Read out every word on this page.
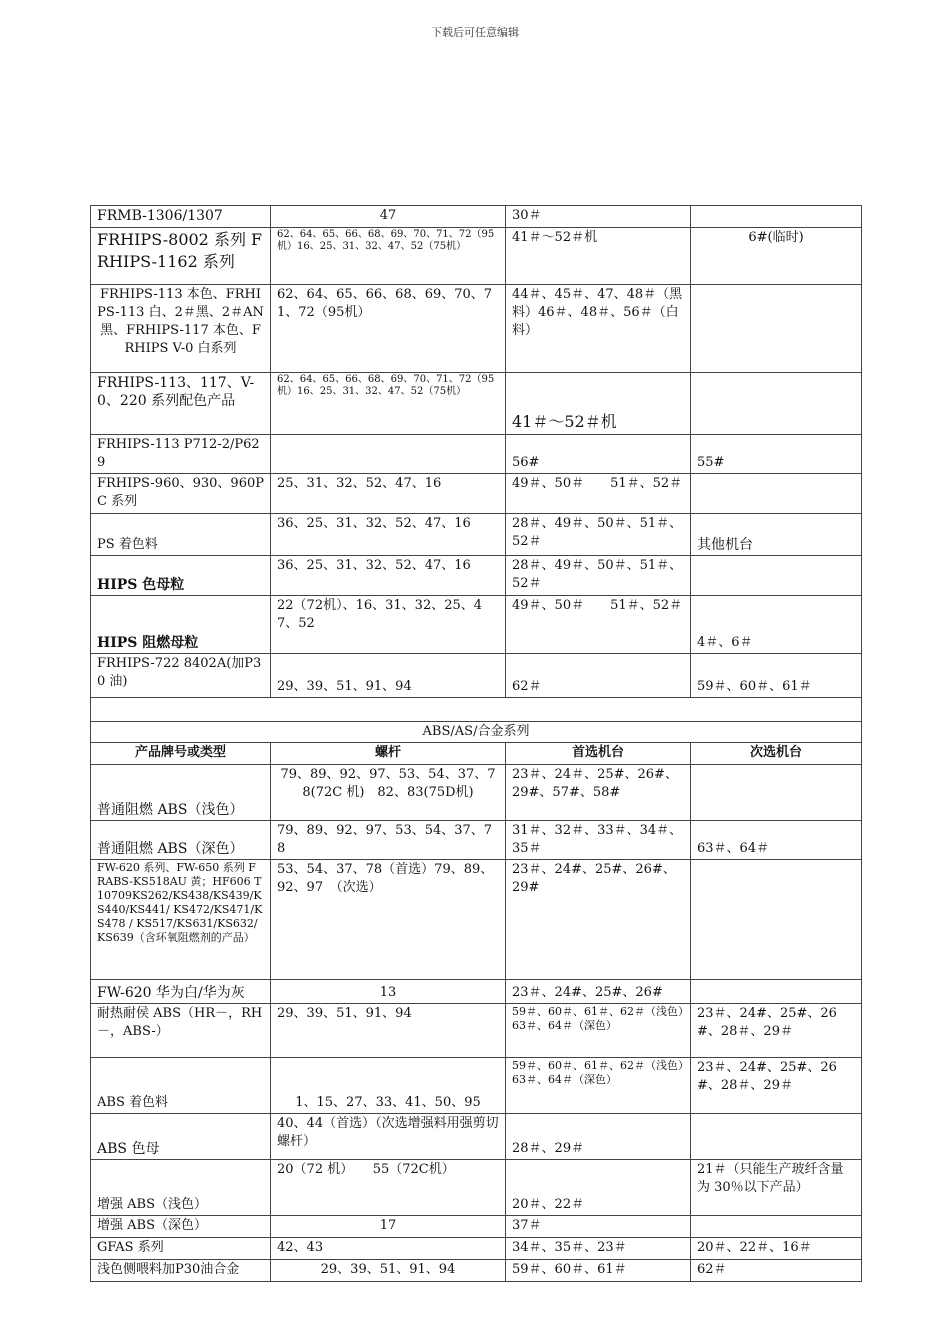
下载后可任意编辑
FRMB-1306/1307	47	30＃	
FRHIPS-8002 系列 FRHIPS-1162 系列	62、64、65、66、68、69、70、71、72（95机）16、25、31、32、47、52（75机）	41＃～52＃机	6#(临时)
FRHIPS-113 本色、FRHIPS-113 白、2＃黑、2＃AN 黑、FRHIPS-117 本色、FRHIPS V-0 白系列	62、64、65、66、68、69、70、71、72（95机）	44＃、45＃、47、48＃（黑料）46＃、48＃、56＃（白料）	
FRHIPS-113、117、V-0、220 系列配色产品	62、64、65、66、68、69、70、71、72（95机）16、25、31、32、47、52（75机）	41＃～52＃机	
FRHIPS-113 P712-2/P629		56#	55#
FRHIPS-960、930、960PC 系列	25、31、32、52、47、16	49＃、50＃　　51＃、52＃	
PS 着色料	36、25、31、32、52、47、16	28＃、49＃、50＃、51＃、52＃	其他机台
HIPS 色母粒	36、25、31、32、52、47、16	28＃、49＃、50＃、51＃、52＃	
HIPS 阻燃母粒	22（72机）、16、31、32、25、47、52	49＃、50＃　　51＃、52＃	4＃、6＃
FRHIPS-722 8402A(加P30 油)	29、39、51、91、94	62＃	59＃、60＃、61＃

ABS/AS/合金系列			
产品牌号或类型	螺杆	首选机台	次选机台
普通阻燃 ABS（浅色）	79、89、92、97、53、54、37、78(72C 机)　82、83(75D机)	23＃、24＃、25#、26#、29#、57#、58#	
普通阻燃 ABS（深色）	79、89、92、97、53、54、37、78	31＃、32＃、33＃、34＃、35＃	63＃、64＃
FW-620 系列、FW-650 系列 FRABS-KS518AU 黄；HF606 T10709KS262/KS438/KS439/KS440/KS441/ KS472/KS471/KS478 / KS517/KS631/KS632/KS639（含环氧阻燃剂的产品）	53、54、37、78（首选）79、89、92、97　（次选）	23＃、24#、25#、26#、29#	
FW-620 华为白/华为灰	13	23＃、24#、25#、26#	
耐热耐侯 ABS（HR－，RH－，ABS-）	29、39、51、91、94	59＃、60＃、61＃、62＃（浅色）63＃、64＃（深色）	23＃、24#、25#、26#、28＃、29＃
ABS 着色料	1、15、27、33、41、50、95	59＃、60＃、61＃、62＃（浅色）63＃、64＃（深色）	23＃、24#、25#、26#、28＃、29＃
ABS 色母	40、44（首选）（次选增强料用强剪切螺杆）	28＃、29＃	
增强 ABS（浅色）	20（72 机）　　55（72C机）	20＃、22＃	21＃（只能生产玻纤含量为 30％以下产品）
增强 ABS（深色）	17	37＃	
GFAS 系列	42、43	34＃、35＃、23＃	20＃、22＃、16＃
浅色侧喂料加P30油合金	29、39、51、91、94	59＃、60＃、61＃	62＃
